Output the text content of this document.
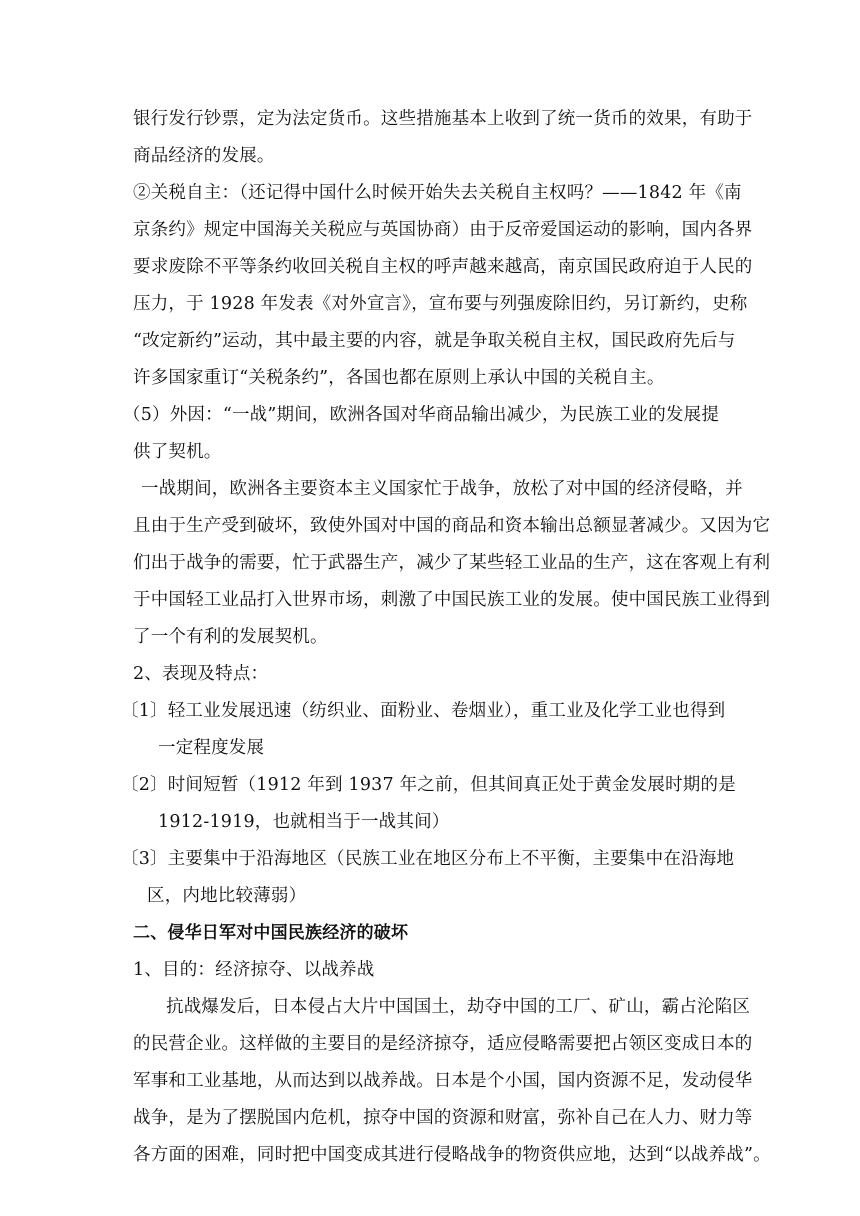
银行发行钞票，定为法定货币。这些措施基本上收到了统一货币的效果，有助于
商品经济的发展。
②关税自主：（还记得中国什么时候开始失去关税自主权吗？——1842 年《南
京条约》规定中国海关关税应与英国协商）由于反帝爱国运动的影响，国内各界
要求废除不平等条约收回关税自主权的呼声越来越高，南京国民政府迫于人民的
压力，于 1928 年发表《对外宣言》，宣布要与列强废除旧约，另订新约，史称
“改定新约”运动，其中最主要的内容，就是争取关税自主权，国民政府先后与
许多国家重订“关税条约”，各国也都在原则上承认中国的关税自主。
（5）外因：“一战”期间，欧洲各国对华商品输出减少，为民族工业的发展提
供了契机。
一战期间，欧洲各主要资本主义国家忙于战争，放松了对中国的经济侵略，并
且由于生产受到破坏，致使外国对中国的商品和资本输出总额显著减少。又因为它
们出于战争的需要，忙于武器生产，减少了某些轻工业品的生产，这在客观上有利
于中国轻工业品打入世界市场，刺激了中国民族工业的发展。使中国民族工业得到
了一个有利的发展契机。
2、表现及特点：
〔1〕轻工业发展迅速（纺织业、面粉业、卷烟业），重工业及化学工业也得到
一定程度发展
〔2〕时间短暂（1912 年到 1937 年之前，但其间真正处于黄金发展时期的是
1912-1919，也就相当于一战其间）
〔3〕主要集中于沿海地区（民族工业在地区分布上不平衡，主要集中在沿海地
区，内地比较薄弱）
二、侵华日军对中国民族经济的破坏
1、目的：经济掠夺、以战养战
抗战爆发后，日本侵占大片中国国土，劫夺中国的工厂、矿山，霸占沦陷区
的民营企业。这样做的主要目的是经济掠夺，适应侵略需要把占领区变成日本的
军事和工业基地，从而达到以战养战。日本是个小国，国内资源不足，发动侵华
战争，是为了摆脱国内危机，掠夺中国的资源和财富，弥补自己在人力、财力等
各方面的困难，同时把中国变成其进行侵略战争的物资供应地，达到“以战养战”。
